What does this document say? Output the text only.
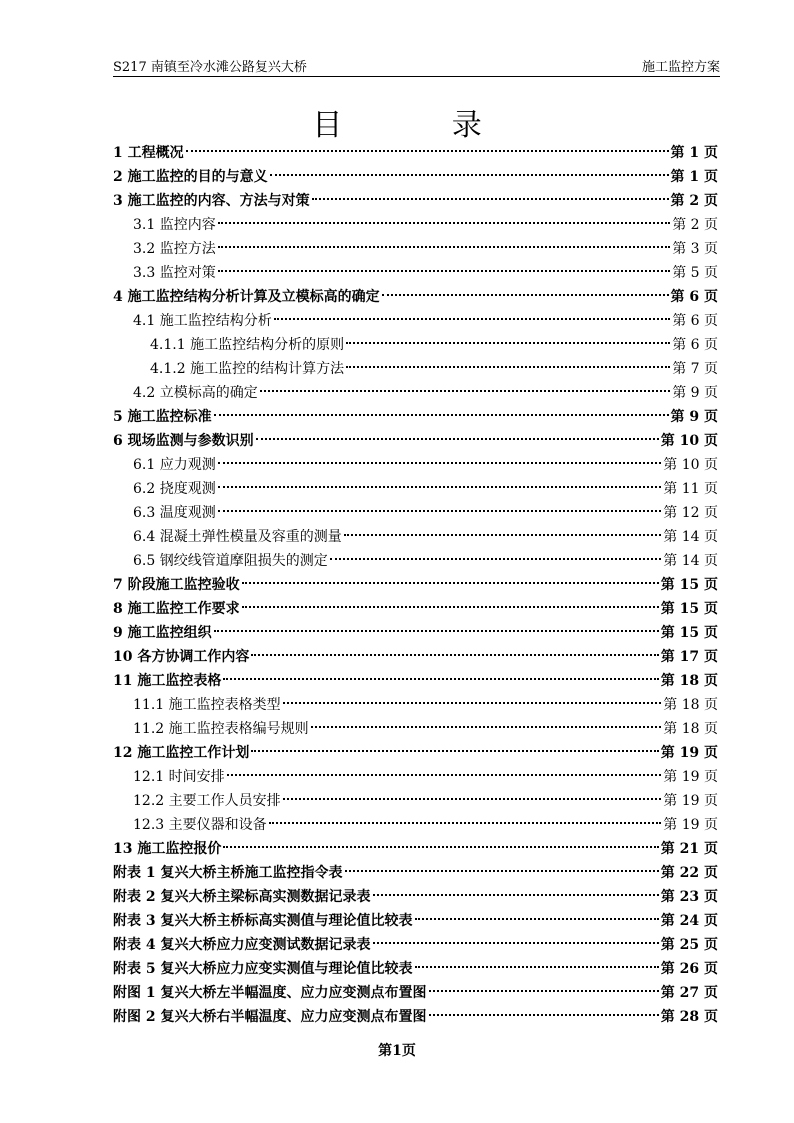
S217 南镇至冷水滩公路复兴大桥	施工监控方案
目 录
1 工程概况	第 1 页
2 施工监控的目的与意义	第 1 页
3 施工监控的内容、方法与对策	第 2 页
3.1 监控内容	第 2 页
3.2 监控方法	第 3 页
3.3 监控对策	第 5 页
4 施工监控结构分析计算及立模标高的确定	第 6 页
4.1 施工监控结构分析	第 6 页
4.1.1 施工监控结构分析的原则	第 6 页
4.1.2 施工监控的结构计算方法	第 7 页
4.2 立模标高的确定	第 9 页
5 施工监控标准	第 9 页
6 现场监测与参数识别	第 10 页
6.1 应力观测	第 10 页
6.2 挠度观测	第 11 页
6.3 温度观测	第 12 页
6.4 混凝土弹性模量及容重的测量	第 14 页
6.5 钢绞线管道摩阻损失的测定	第 14 页
7 阶段施工监控验收	第 15 页
8 施工监控工作要求	第 15 页
9 施工监控组织	第 15 页
10 各方协调工作内容	第 17 页
11 施工监控表格	第 18 页
11.1 施工监控表格类型	第 18 页
11.2 施工监控表格编号规则	第 18 页
12 施工监控工作计划	第 19 页
12.1 时间安排	第 19 页
12.2 主要工作人员安排	第 19 页
12.3 主要仪器和设备	第 19 页
13 施工监控报价	第 21 页
附表 1 复兴大桥主桥施工监控指令表	第 22 页
附表 2 复兴大桥主梁标高实测数据记录表	第 23 页
附表 3 复兴大桥主桥标高实测值与理论值比较表	第 24 页
附表 4 复兴大桥应力应变测试数据记录表	第 25 页
附表 5 复兴大桥应力应变实测值与理论值比较表	第 26 页
附图 1 复兴大桥左半幅温度、应力应变测点布置图	第 27 页
附图 2 复兴大桥右半幅温度、应力应变测点布置图	第 28 页
第1页
